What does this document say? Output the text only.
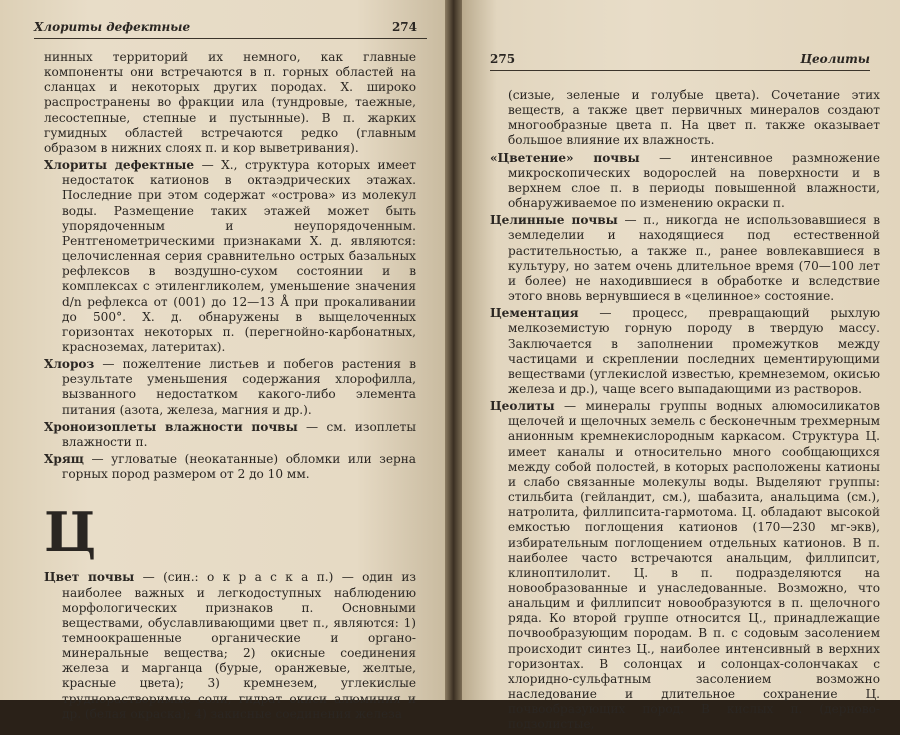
Хлориты дефектные	274

нинных территорий их немного, как главные компоненты они встречаются в п. горных областей на сланцах и некоторых других породах. Х. широко распространены во фракции ила (тундровые, таежные, лесостепные, степные и пустынные). В п. жарких гумидных областей встречаются редко (главным образом в нижних слоях п. и кор выветривания).

Хлориты дефектные — Х., структура которых имеет недостаток катионов в октаэдрических этажах. Последние при этом содержат «острова» из молекул воды. Размещение таких этажей может быть упорядоченным и неупорядоченным. Рентгенометрическими признаками Х. д. являются: целочисленная серия сравнительно острых базальных рефлексов в воздушно-сухом состоянии и в комплексах с этиленгликолем, уменьшение значения d/n рефлекса от (001) до 12—13 Å при прокаливании до 500°. Х. д. обнаружены в выщелоченных горизонтах некоторых п. (перегнойно-карбонатных, красноземах, латеритах).

Хлороз — пожелтение листьев и побегов растения в результате уменьшения содержания хлорофилла, вызванного недостатком какого-либо элемента питания (азота, железа, магния и др.).

Хроноизоплеты влажности почвы — см. изоплеты влажности п.

Хрящ — угловатые (неокатанные) обломки или зерна горных пород размером от 2 до 10 мм.

Ц

Цвет почвы — (син.: о к р а с к а п.) — один из наиболее важных и легкодоступных наблюдению морфологических признаков п. Основными веществами, обуславливающими цвет п., являются: 1) темноокрашенные органические и органо-минеральные вещества; 2) окисные соединения железа и марганца (бурые, оранжевые, желтые, красные цвета); 3) кремнезем, углекислые труднорастворимые соли, гидрат окиси алюминия и др. (белая окраска); 4) закисные соединения железа

275	Цеолиты

(сизые, зеленые и голубые цвета). Сочетание этих веществ, а также цвет первичных минералов создают многообразные цвета п. На цвет п. также оказывает большое влияние их влажность.

«Цветение» почвы — интенсивное размножение микроскопических водорослей на поверхности и в верхнем слое п. в периоды повышенной влажности, обнаруживаемое по изменению окраски п.

Целинные почвы — п., никогда не использовавшиеся в земледелии и находящиеся под естественной растительностью, а также п., ранее вовлекавшиеся в культуру, но затем очень длительное время (70—100 лет и более) не находившиеся в обработке и вследствие этого вновь вернувшиеся в «целинное» состояние.

Цементация — процесс, превращающий рыхлую мелкоземистую горную породу в твердую массу. Заключается в заполнении промежутков между частицами и скреплении последних цементирующими веществами (углекислой известью, кремнеземом, окисью железа и др.), чаще всего выпадающими из растворов.

Цеолиты — минералы группы водных алюмосиликатов щелочей и щелочных земель с бесконечным трехмерным анионным кремнекислородным каркасом. Структура Ц. имеет каналы и относительно много сообщающихся между собой полостей, в которых расположены катионы и слабо связанные молекулы воды. Выделяют группы: стильбита (гейландит, см.), шабазита, анальцима (см.), натролита, филлипсита-гармотома. Ц. обладают высокой емкостью поглощения катионов (170—230 мг-экв), избирательным поглощением отдельных катионов. В п. наиболее часто встречаются анальцим, филлипсит, клиноптилолит. Ц. в п. подразделяются на новообразованные и унаследованные. Возможно, что анальцим и филлипсит новообразуются в п. щелочного ряда. Ко второй группе относится Ц., принадлежащие почвообразующим породам. В п. с содовым засолением происходит синтез Ц., наиболее интенсивный в верхних горизонтах. В солонцах и солонцах-солончаках с хлоридно-сульфатным засолением возможно наследование и длительное сохранение Ц. почвообразующих пород. В кислых п. (дерново-подзолистые,
